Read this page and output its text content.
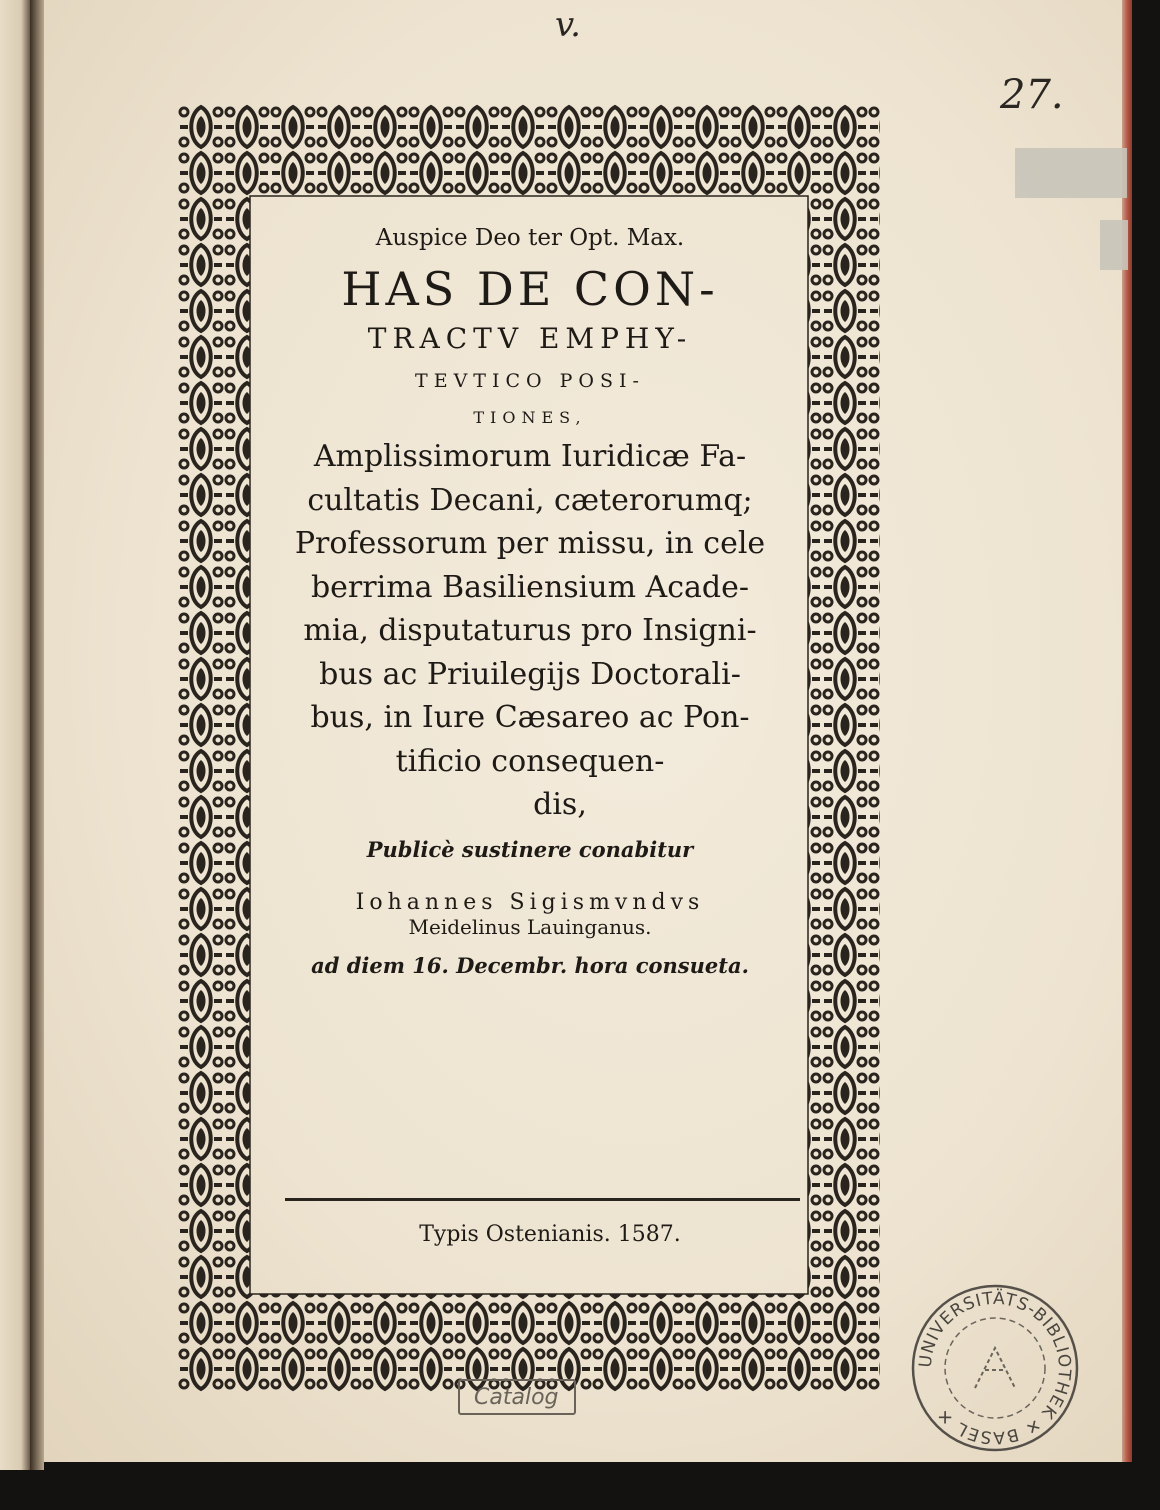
v.
27.
Auspice Deo ter Opt. Max.
HAS DE CON-
TRACTV EMPHY-
TEVTICO POSI-
TIONES,
Amplissimorum Iuridicæ Fa-
cultatis Decani, cæterorumq;
Professorum per missu, in cele
berrima Basiliensium Acade-
mia, disputaturus pro Insigni-
bus ac Priuilegijs Doctorali-
bus, in Iure Cæsareo ac Pon-
tificio consequen-
dis,
Publicè sustinere conabitur
Iohannes Sigismvndvs
Meidelinus Lauinganus.
ad diem 16. Decembr. hora consueta.
Typis Ostenianis. 1587.
Catalog
UNIVERSITÄTS-BIBLIOTHEK ✕ BASEL ✕
